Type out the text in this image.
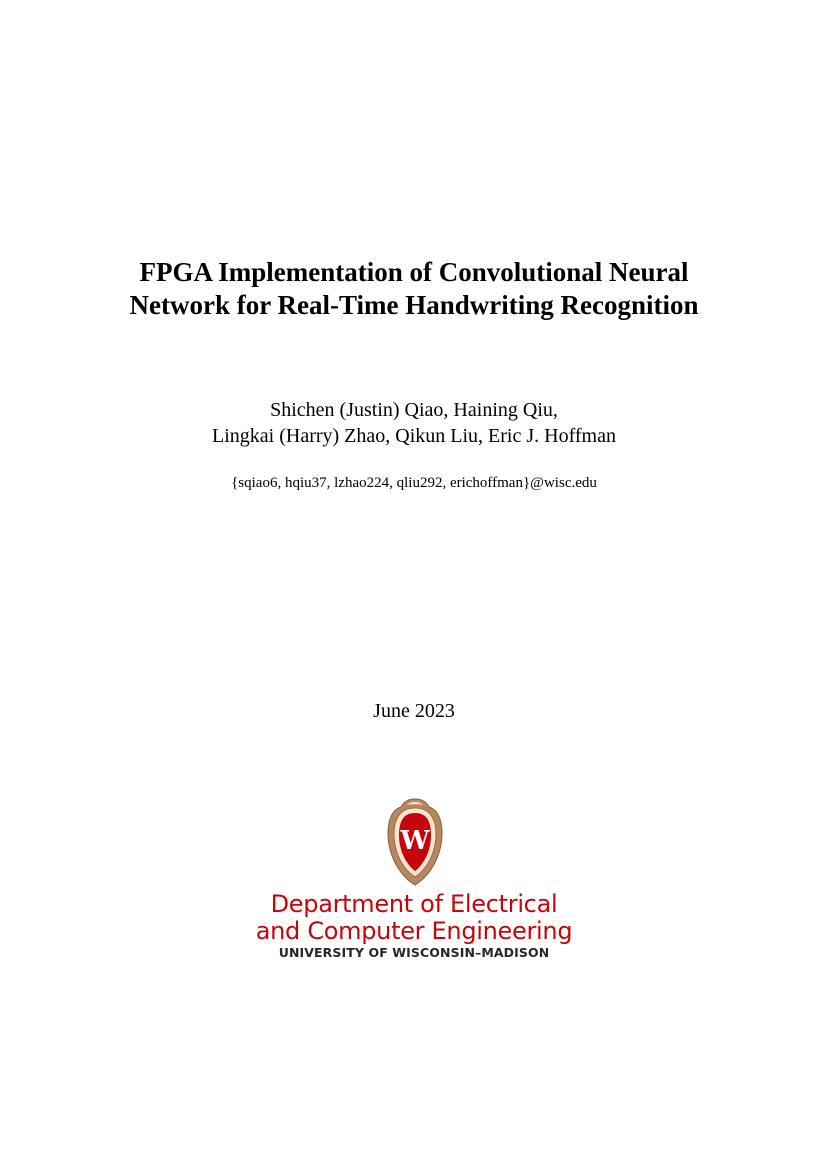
FPGA Implementation of Convolutional Neural
Network for Real-Time Handwriting Recognition
Shichen (Justin) Qiao, Haining Qiu,
Lingkai (Harry) Zhao, Qikun Liu, Eric J. Hoffman
{sqiao6, hqiu37, lzhao224, qliu292, erichoffman}@wisc.edu
June 2023
W
Department of Electrical
and Computer Engineering
UNIVERSITY OF WISCONSIN–MADISON
